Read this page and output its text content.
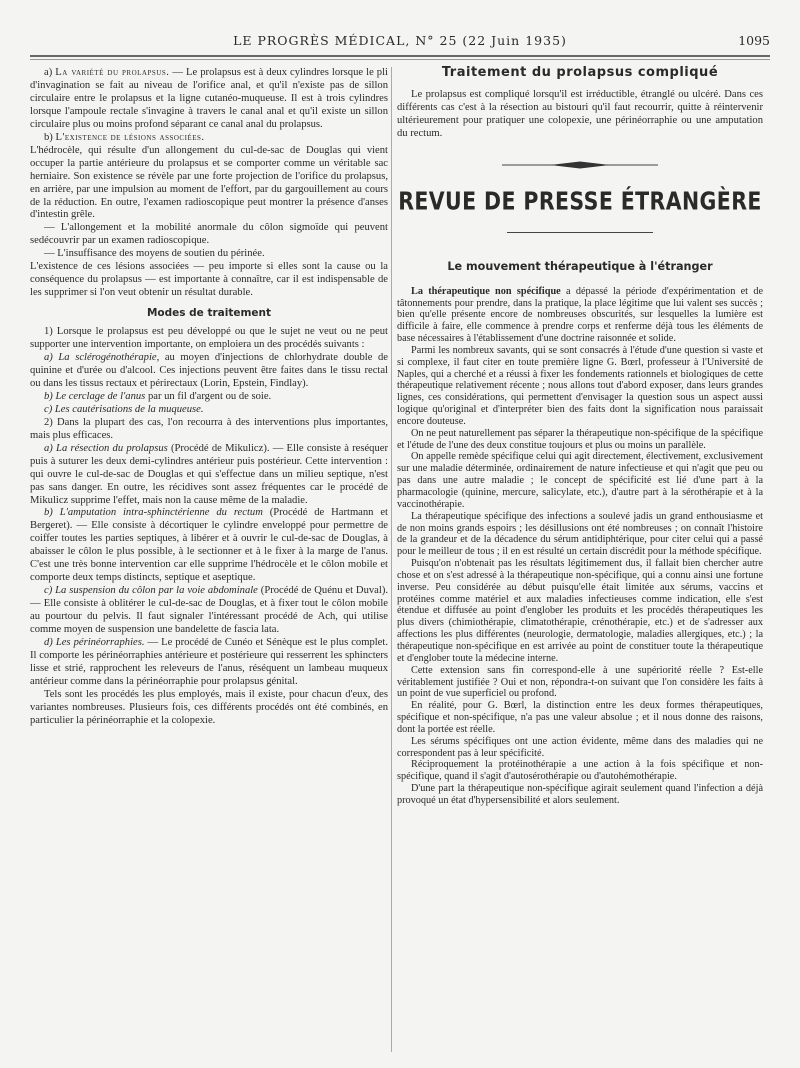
LE PROGRÈS MÉDICAL, N° 25 (22 Juin 1935)	1095

a) La variété du prolapsus. — Le prolapsus est à deux cylindres lorsque le pli d'invagination se fait au niveau de l'orifice anal, et qu'il n'existe pas de sillon circulaire entre le prolapsus et la ligne cutanéo-muqueuse. Il est à trois cylindres lorsque l'ampoule rectale s'invagine à travers le canal anal et qu'il existe un sillon circulaire plus ou moins profond séparant ce canal anal du prolapsus.

b) L'existence de lésions associées.

L'hédrocèle, qui résulte d'un allongement du cul-de-sac de Douglas qui vient occuper la partie antérieure du prolapsus et se comporter comme un véritable sac herniaire. Son existence se révèle par une forte projection de l'orifice du prolapsus, en arrière, par une impulsion au moment de l'effort, par du gargouillement au cours de la réduction. En outre, l'examen radioscopique peut montrer la présence d'anses d'intestin grêle.

— L'allongement et la mobilité anormale du côlon sigmoïde qui peuvent sedécouvrir par un examen radioscopique.

— L'insuffisance des moyens de soutien du périnée.

L'existence de ces lésions associées — peu importe si elles sont la cause ou la conséquence du prolapsus — est importante à connaître, car il est indispensable de les supprimer si l'on veut obtenir un résultat durable.

Modes de traitement

1) Lorsque le prolapsus est peu développé ou que le sujet ne veut ou ne peut supporter une intervention importante, on emploiera un des procédés suivants :

a) La sclérogénothérapie, au moyen d'injections de chlorhydrate double de quinine et d'urée ou d'alcool. Ces injections peuvent être faites dans le tissu rectal ou dans les tissus rectaux et périrectaux (Lorin, Epstein, Findlay).

b) Le cerclage de l'anus par un fil d'argent ou de soie.

c) Les cautérisations de la muqueuse.

2) Dans la plupart des cas, l'on recourra à des interventions plus importantes, mais plus efficaces.

a) La résection du prolapsus (Procédé de Mikulicz). — Elle consiste à reséquer puis à suturer les deux demi-cylindres antérieur puis postérieur. Cette intervention : qui ouvre le cul-de-sac de Douglas et qui s'effectue dans un milieu septique, n'est pas sans danger. En outre, les récidives sont assez fréquentes car le procédé de Mikulicz supprime l'effet, mais non la cause même de la maladie.

b) L'amputation intra-sphinctérienne du rectum (Procédé de Hartmann et Bergeret). — Elle consiste à décortiquer le cylindre enveloppé pour permettre de coiffer toutes les parties septiques, à libérer et à ouvrir le cul-de-sac de Douglas, à abaisser le côlon le plus possible, à le sectionner et à le fixer à la marge de l'anus. C'est une très bonne intervention car elle supprime l'hédrocèle et le côlon mobile et comporte deux temps distincts, septique et aseptique.

c) La suspension du côlon par la voie abdominale (Procédé de Quénu et Duval). — Elle consiste à oblitérer le cul-de-sac de Douglas, et à fixer tout le côlon mobile au pourtour du pelvis. Il faut signaler l'intéressant procédé de Ach, qui utilise comme moyen de suspension une bandelette de fascia lata.

d) Les périnéorraphies. — Le procédé de Cunéo et Sénèque est le plus complet. Il comporte les périnéorraphies antérieure et postérieure qui resserrent les sphincters lisse et strié, rapprochent les releveurs de l'anus, réséquent un lambeau muqueux antérieur comme dans la périnéorraphie pour prolapsus génital.

Tels sont les procédés les plus employés, mais il existe, pour chacun d'eux, des variantes nombreuses. Plusieurs fois, ces différents procédés ont été combinés, en particulier la périnéorraphie et la colopexie.

Traitement du prolapsus compliqué

Le prolapsus est compliqué lorsqu'il est irréductible, étranglé ou ulcéré. Dans ces différents cas c'est à la résection au bistouri qu'il faut recourrir, quitte à réintervenir ultérieurement pour pratiquer une colopexie, une périnéorraphie ou une amputation du rectum.

REVUE DE PRESSE ÉTRANGÈRE
Le mouvement thérapeutique à l'étranger

La thérapeutique non spécifique a dépassé la période d'expérimentation et de tâtonnements pour prendre, dans la pratique, la place légitime que lui valent ses succès ; bien qu'elle présente encore de nombreuses obscurités, sur lesquelles la lumière est difficile à faire, elle commence à prendre corps et renferme déjà tous les éléments de base nécessaires à l'établissement d'une doctrine raisonnée et solide.

Parmi les nombreux savants, qui se sont consacrés à l'étude d'une question si vaste et si complexe, il faut citer en toute première ligne G. Bœrl, professeur à l'Université de Naples, qui a cherché et a réussi à fixer les fondements rationnels et biologiques de cette thérapeutique relativement récente ; nous allons tout d'abord exposer, dans leurs grandes lignes, ces considérations, qui permettent d'envisager la question sous un aspect aussi logique qu'original et d'interpréter bien des faits dont la signification nous paraissait encore douteuse.

On ne peut naturellement pas séparer la thérapeutique non-spécifique de la spécifique et l'étude de l'une des deux constitue toujours et plus ou moins un parallèle.

On appelle remède spécifique celui qui agit directement, électivement, exclusivement sur une maladie déterminée, ordinairement de nature infectieuse et qui n'agit que peu ou pas dans une autre maladie ; le concept de spécificité est lié d'une part à la pharmacologie (quinine, mercure, salicylate, etc.), d'autre part à la sérothérapie et à la vaccinothérapie.

La thérapeutique spécifique des infections a soulevé jadis un grand enthousiasme et de non moins grands espoirs ; les désillusions ont été nombreuses ; on connaît l'histoire de la grandeur et de la décadence du sérum antidiphtérique, pour citer celui qui a passé pour le meilleur de tous ; il en est résulté un certain discrédit pour la méthode spécifique.

Puisqu'on n'obtenait pas les résultats légitimement dus, il fallait bien chercher autre chose et on s'est adressé à la thérapeutique non-spécifique, qui a connu ainsi une fortune inverse. Peu considérée au début puisqu'elle était limitée aux sérums, vaccins et protéines comme matériel et aux maladies infectieuses comme indication, elle s'est étendue et diffusée au point d'englober les produits et les procédés thérapeutiques les plus divers (chimiothérapie, climatothérapie, crénothérapie, etc.) et de s'adresser aux affections les plus différentes (neurologie, dermatologie, maladies allergiques, etc.) ; la thérapeutique non-spécifique en est arrivée au point de constituer toute la thérapeutique et d'englober toute la médecine interne.

Cette extension sans fin correspond-elle à une supériorité réelle ? Est-elle véritablement justifiée ? Oui et non, répondra-t-on suivant que l'on considère les faits à un point de vue superficiel ou profond.

En réalité, pour G. Bœrl, la distinction entre les deux formes thérapeutiques, spécifique et non-spécifique, n'a pas une valeur absolue ; et il nous donne des raisons, dont la portée est réelle.

Les sérums spécifiques ont une action évidente, même dans des maladies qui ne correspondent pas à leur spécificité.

Réciproquement la protéinothérapie a une action à la fois spécifique et non-spécifique, quand il s'agit d'autosérothérapie ou d'autohémothérapie.

D'une part la thérapeutique non-spécifique agirait seulement quand l'infection a déjà provoqué un état d'hypersensibilité et alors seulement.
